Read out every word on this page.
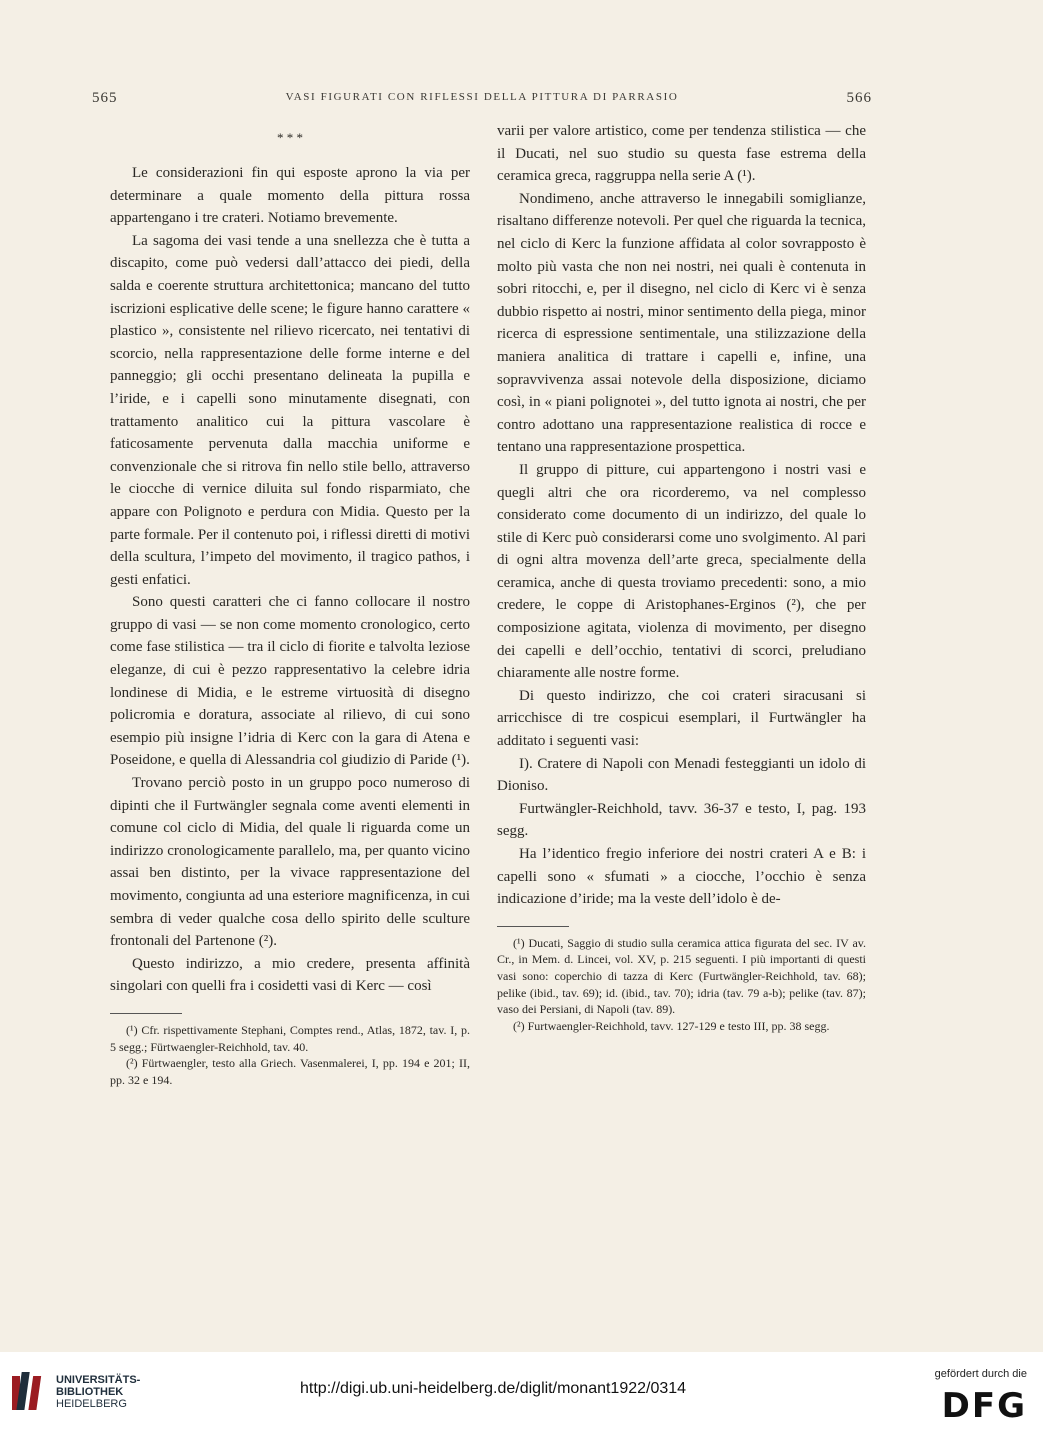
565	VASI FIGURATI CON RIFLESSI DELLA PITTURA DI PARRASIO	566
* * *

Le considerazioni fin qui esposte aprono la via per determinare a quale momento della pittura rossa appartengano i tre crateri. Notiamo brevemente.

La sagoma dei vasi tende a una snellezza che è tutta a discapito, come può vedersi dall’attacco dei piedi, della salda e coerente struttura architettonica; mancano del tutto iscrizioni esplicative delle scene; le figure hanno carattere « plastico », consistente nel rilievo ricercato, nei tentativi di scorcio, nella rappresentazione delle forme interne e del panneggio; gli occhi presentano delineata la pupilla e l’iride, e i capelli sono minutamente disegnati, con trattamento analitico cui la pittura vascolare è faticosamente pervenuta dalla macchia uniforme e convenzionale che si ritrova fin nello stile bello, attraverso le ciocche di vernice diluita sul fondo risparmiato, che appare con Polignoto e perdura con Midia. Questo per la parte formale. Per il contenuto poi, i riflessi diretti di motivi della scultura, l’impeto del movimento, il tragico pathos, i gesti enfatici.

Sono questi caratteri che ci fanno collocare il nostro gruppo di vasi — se non come momento cronologico, certo come fase stilistica — tra il ciclo di fiorite e talvolta leziose eleganze, di cui è pezzo rappresentativo la celebre idria londinese di Midia, e le estreme virtuosità di disegno policromia e doratura, associate al rilievo, di cui sono esempio più insigne l’idria di Kerc con la gara di Atena e Poseidone, e quella di Alessandria col giudizio di Paride (¹).

Trovano perciò posto in un gruppo poco numeroso di dipinti che il Furtwängler segnala come aventi elementi in comune col ciclo di Midia, del quale li riguarda come un indirizzo cronologicamente parallelo, ma, per quanto vicino assai ben distinto, per la vivace rappresentazione del movimento, congiunta ad una esteriore magnificenza, in cui sembra di veder qualche cosa dello spirito delle sculture frontonali del Partenone (²).

Questo indirizzo, a mio credere, presenta affinità singolari con quelli fra i cosidetti vasi di Kerc — così

(¹) Cfr. rispettivamente Stephani, Comptes rend., Atlas, 1872, tav. I, p. 5 segg.; Fürtwaengler-Reichhold, tav. 40.

(²) Fürtwaengler, testo alla Griech. Vasenmalerei, I, pp. 194 e 201; II, pp. 32 e 194.

varii per valore artistico, come per tendenza stilistica — che il Ducati, nel suo studio su questa fase estrema della ceramica greca, raggruppa nella serie A (¹).

Nondimeno, anche attraverso le innegabili somiglianze, risaltano differenze notevoli. Per quel che riguarda la tecnica, nel ciclo di Kerc la funzione affidata al color sovrapposto è molto più vasta che non nei nostri, nei quali è contenuta in sobri ritocchi, e, per il disegno, nel ciclo di Kerc vi è senza dubbio rispetto ai nostri, minor sentimento della piega, minor ricerca di espressione sentimentale, una stilizzazione della maniera analitica di trattare i capelli e, infine, una sopravvivenza assai notevole della disposizione, diciamo così, in « piani polignotei », del tutto ignota ai nostri, che per contro adottano una rappresentazione realistica di rocce e tentano una rappresentazione prospettica.

Il gruppo di pitture, cui appartengono i nostri vasi e quegli altri che ora ricorderemo, va nel complesso considerato come documento di un indirizzo, del quale lo stile di Kerc può considerarsi come uno svolgimento. Al pari di ogni altra movenza dell’arte greca, specialmente della ceramica, anche di questa troviamo precedenti: sono, a mio credere, le coppe di Aristophanes-Erginos (²), che per composizione agitata, violenza di movimento, per disegno dei capelli e dell’occhio, tentativi di scorci, preludiano chiaramente alle nostre forme.

Di questo indirizzo, che coi crateri siracusani si arricchisce di tre cospicui esemplari, il Furtwängler ha additato i seguenti vasi:

I). Cratere di Napoli con Menadi festeggianti un idolo di Dioniso.

Furtwängler-Reichhold, tavv. 36-37 e testo, I, pag. 193 segg.

Ha l’identico fregio inferiore dei nostri crateri A e B: i capelli sono « sfumati » a ciocche, l’occhio è senza indicazione d’iride; ma la veste dell’idolo è de-

(¹) Ducati, Saggio di studio sulla ceramica attica figurata del sec. IV av. Cr., in Mem. d. Lincei, vol. XV, p. 215 seguenti. I più importanti di questi vasi sono: coperchio di tazza di Kerc (Furtwängler-Reichhold, tav. 68); pelike (ibid., tav. 69); id. (ibid., tav. 70); idria (tav. 79 a-b); pelike (tav. 87); vaso dei Persiani, di Napoli (tav. 89).

(²) Furtwaengler-Reichhold, tavv. 127-129 e testo III, pp. 38 segg.

UNIVERSITÄTS-
BIBLIOTHEK
HEIDELBERG
http://digi.ub.uni-heidelberg.de/diglit/monant1922/0314
gefördert durch die
DFG
